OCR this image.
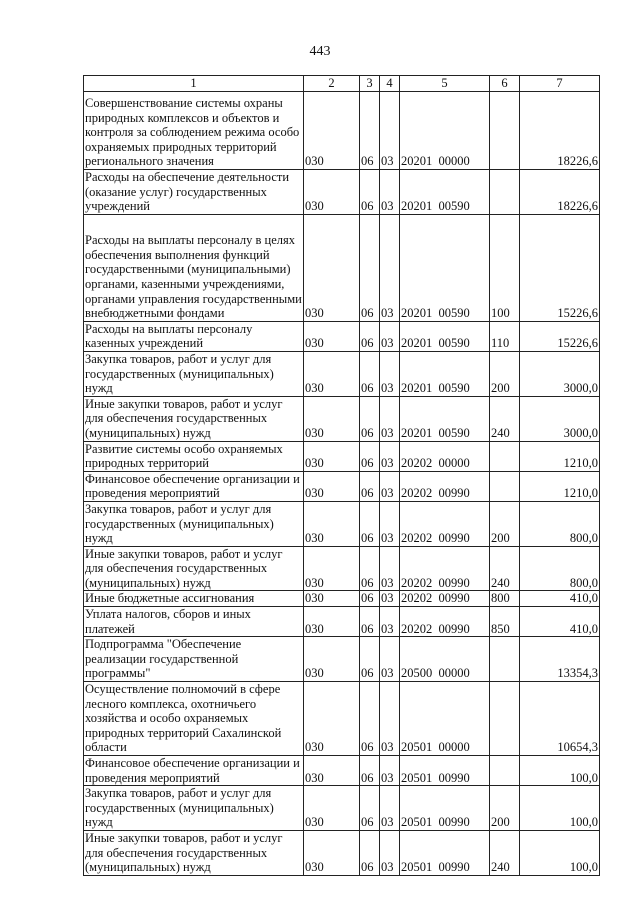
443
1	2	3	4	5	6	7
Совершенствование системы охраны природных комплексов и объектов и контроля за соблюдением режима особо охраняемых природных территорий регионального значения	030	06	03	20201  00000		18226,6
Расходы на обеспечение деятельности (оказание услуг) государственных учреждений	030	06	03	20201  00590		18226,6
Расходы на выплаты персоналу в целях обеспечения выполнения функций государственными (муниципальными) органами, казенными учреждениями, органами управления государственными внебюджетными фондами	030	06	03	20201  00590	100	15226,6
Расходы на выплаты персоналу казенных учреждений	030	06	03	20201  00590	110	15226,6
Закупка товаров, работ и услуг для государственных (муниципальных) нужд	030	06	03	20201  00590	200	3000,0
Иные закупки товаров, работ и услуг для обеспечения государственных (муниципальных) нужд	030	06	03	20201  00590	240	3000,0
Развитие системы особо охраняемых природных территорий	030	06	03	20202  00000		1210,0
Финансовое обеспечение организации и проведения мероприятий	030	06	03	20202  00990		1210,0
Закупка товаров, работ и услуг для государственных (муниципальных) нужд	030	06	03	20202  00990	200	800,0
Иные закупки товаров, работ и услуг для обеспечения государственных (муниципальных) нужд	030	06	03	20202  00990	240	800,0
Иные бюджетные ассигнования	030	06	03	20202  00990	800	410,0
Уплата налогов, сборов и иных платежей	030	06	03	20202  00990	850	410,0
Подпрограмма "Обеспечение реализации государственной программы"	030	06	03	20500  00000		13354,3
Осуществление полномочий в сфере лесного комплекса, охотничьего хозяйства и особо охраняемых природных территорий Сахалинской области	030	06	03	20501  00000		10654,3
Финансовое обеспечение организации и проведения мероприятий	030	06	03	20501  00990		100,0
Закупка товаров, работ и услуг для государственных (муниципальных) нужд	030	06	03	20501  00990	200	100,0
Иные закупки товаров, работ и услуг для обеспечения государственных (муниципальных) нужд	030	06	03	20501  00990	240	100,0
